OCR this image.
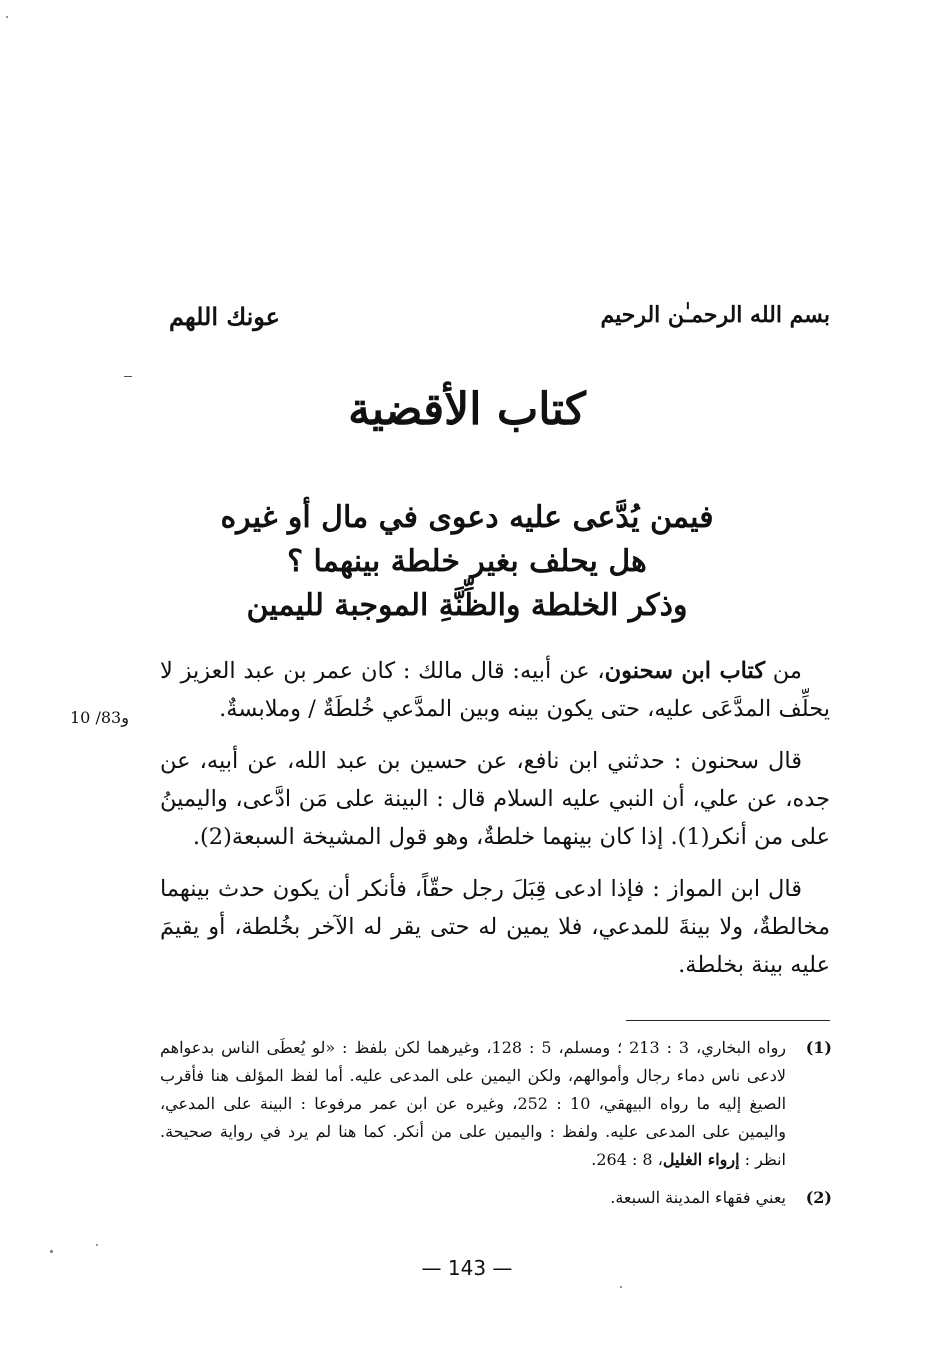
بسم الله الرحمـٰن الرحيم
عونك اللهم
كتاب الأقضية
فيمن يُدَّعى عليه دعوى في مال أو غيره
هل يحلف بغير خلطة بينهما ؟
وذكر الخلطة والظِّنَّةِ الموجبة لليمين
10 /83و

من كتاب ابن سحنون، عن أبيه: قال مالك : كان عمر بن عبد العزيز لا يحلِّف المدَّعَى عليه، حتى يكون بينه وبين المدَّعي خُلطَةٌ / وملابسةٌ.

قال سحنون : حدثني ابن نافع، عن حسين بن عبد الله، عن أبيه، عن جده، عن علي، أن النبي عليه السلام قال : البينة على مَن ادَّعى، واليمينُ على من أنكر(1). إذا كان بينهما خلطةٌ، وهو قول المشيخة السبعة(2).

قال ابن المواز : فإذا ادعى قِبَلَ رجل حقّاً، فأنكر أن يكون حدث بينهما مخالطةٌ، ولا بينةَ للمدعي، فلا يمين له حتى يقر له الآخر بخُلطة، أو يقيمَ عليه بينة بخلطة.

(1)
رواه البخاري، 3 : 213 ؛ ومسلم، 5 : 128، وغيرهما لكن بلفظ : «لو يُعطَى الناس بدعواهم لادعى ناس دماء رجال وأموالهم، ولكن اليمين على المدعى عليه. أما لفظ المؤلف هنا فأقرب الصيغ إليه ما رواه البيهقي، 10 : 252، وغيره عن ابن عمر مرفوعا : البينة على المدعي، واليمين على المدعى عليه. ولفظ : واليمين على من أنكر. كما هنا لم يرد في رواية صحيحة. انظر : إرواء الغليل، 8 : 264.
(2)
يعني فقهاء المدينة السبعة.
— 143 —
